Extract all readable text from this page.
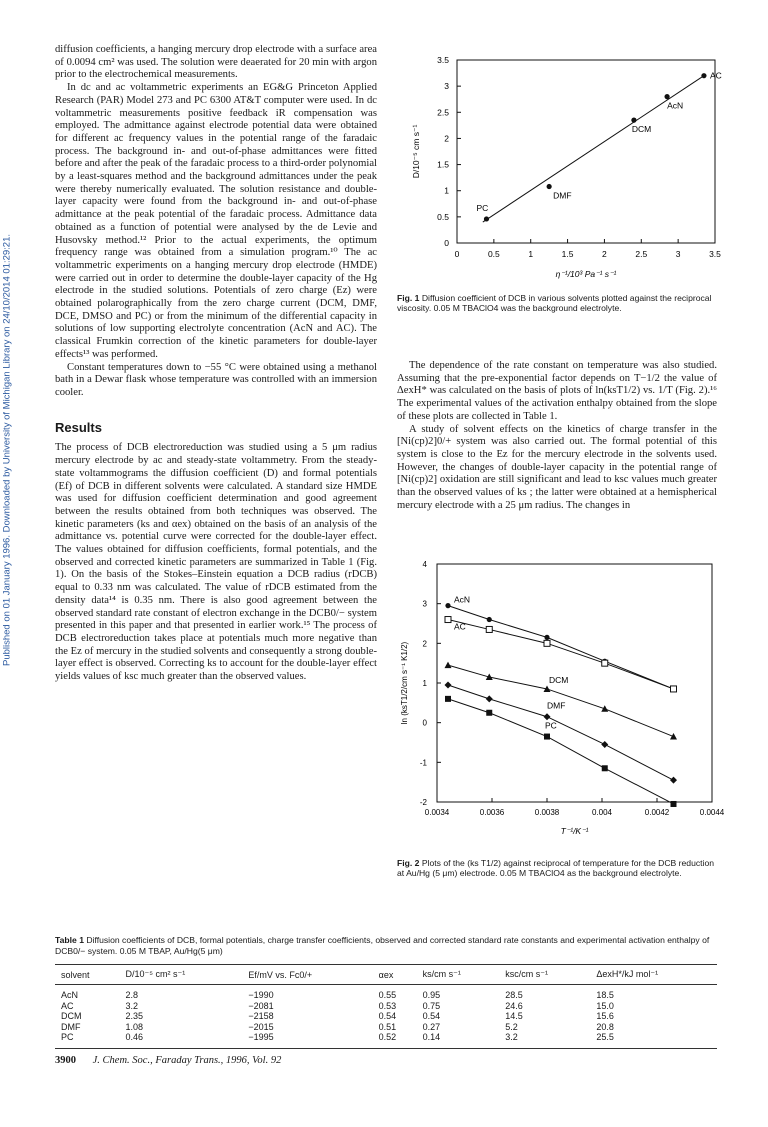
Published on 01 January 1996. Downloaded by University of Michigan Library on 24/10/2014 01:29:21.

diffusion coefficients, a hanging mercury drop electrode with a surface area of 0.0094 cm² was used. The solution were deaerated for 20 min with argon prior to the electrochemical measurements.

In dc and ac voltammetric experiments an EG&G Princeton Applied Research (PAR) Model 273 and PC 6300 AT&T computer were used. In dc voltammetric measurements positive feedback iR compensation was employed. The admittance against electrode potential data were obtained for different ac frequency values in the potential range of the faradaic process. The background in- and out-of-phase admittances were fitted before and after the peak of the faradaic process to a third-order polynomial by a least-squares method and the background admittances under the peak were thereby numerically evaluated. The solution resistance and double-layer capacity were found from the background in- and out-of-phase admittance at the peak potential of the faradaic process. Admittance data obtained as a function of potential were analysed by the de Levie and Husovsky method.¹² Prior to the actual experiments, the optimum frequency range was obtained from a simulation program.¹⁰ The ac voltammetric experiments on a hanging mercury drop electrode (HMDE) were carried out in order to determine the double-layer capacity of the Hg electrode in the studied solutions. Potentials of zero charge (Ez) were obtained polarographically from the zero charge current (DCM, DMF, DCE, DMSO and PC) or from the minimum of the differential capacity in solutions of low supporting electrolyte concentration (AcN and AC). The classical Frumkin correction of the kinetic parameters for double-layer effects¹³ was performed.

Constant temperatures down to −55 °C were obtained using a methanol bath in a Dewar flask whose temperature was controlled with an immersion cooler.

Results

The process of DCB electroreduction was studied using a 5 μm radius mercury electrode by ac and steady-state voltammetry. From the steady-state voltammograms the diffusion coefficient (D) and formal potentials (Ef) of DCB in different solvents were calculated. A standard size HMDE was used for diffusion coefficient determination and good agreement between the results obtained from both techniques was observed. The kinetic parameters (ks and αex) obtained on the basis of an analysis of the admittance vs. potential curve were corrected for the double-layer effect. The values obtained for diffusion coefficients, formal potentials, and the observed and corrected kinetic parameters are summarized in Table 1 (Fig. 1). On the basis of the Stokes–Einstein equation a DCB radius (rDCB) equal to 0.33 nm was calculated. The value of rDCB estimated from the density data¹⁴ is 0.35 nm. There is also good agreement between the observed standard rate constant of electron exchange in the DCB0/− system presented in this paper and that presented in earlier work.¹⁵ The process of DCB electroreduction takes place at potentials much more negative than the Ez of mercury in the studied solvents and consequently a strong double-layer effect is observed. Correcting ks to account for the double-layer effect yields values of ksc much greater than the observed values.

0	0.5	1	1.5	2	2.5	3	3.5
0
0.5
1
1.5
2
2.5
3
3.5
η⁻¹/10³ Pa⁻¹ s⁻¹
D/10⁻⁵ cm s⁻¹
PC
DMF
DCM
AcN
AC
Fig. 1 Diffusion coefficient of DCB in various solvents plotted against the reciprocal viscosity. 0.05 M TBAClO4 was the background electrolyte.

The dependence of the rate constant on temperature was also studied. Assuming that the pre-exponential factor depends on T−1/2 the value of ΔexH* was calculated on the basis of plots of ln(ksT1/2) vs. 1/T (Fig. 2).¹⁶ The experimental values of the activation enthalpy obtained from the slope of these plots are collected in Table 1.

A study of solvent effects on the kinetics of charge transfer in the [Ni(cp)2]0/+ system was also carried out. The formal potential of this system is close to the Ez for the mercury electrode in the solvents used. However, the changes of double-layer capacity in the potential range of [Ni(cp)2] oxidation are still significant and lead to ksc values much greater than the observed values of ks ; the latter were obtained at a hemispherical mercury electrode with a 25 μm radius. The changes in

0.0034	0.0036	0.0038	0.004	0.0042	0.0044
-2
-1
0
1
2
3
4
T⁻¹/K⁻¹
ln (ksT1/2/cm s⁻¹ K1/2)
AcN
AC
DCM
DMF
PC
Fig. 2 Plots of the (ks T1/2) against reciprocal of temperature for the DCB reduction at Au/Hg (5 μm) electrode. 0.05 M TBAClO4 as the background electrolyte.
Table 1 Diffusion coefficients of DCB, formal potentials, charge transfer coefficients, observed and corrected standard rate constants and experimental activation enthalpy of DCB0/− system. 0.05 M TBAP, Au/Hg(5 μm)
solvent	D/10⁻⁵ cm² s⁻¹	Ef/mV vs. Fc0/+	αex	ks/cm s⁻¹	ksc/cm s⁻¹	ΔexH*/kJ mol⁻¹
AcN	2.8	−1990	0.55	0.95	28.5	18.5
AC	3.2	−2081	0.53	0.75	24.6	15.0
DCM	2.35	−2158	0.54	0.54	14.5	15.6
DMF	1.08	−2015	0.51	0.27	5.2	20.8
PC	0.46	−1995	0.52	0.14	3.2	25.5
3900 J. Chem. Soc., Faraday Trans., 1996, Vol. 92
